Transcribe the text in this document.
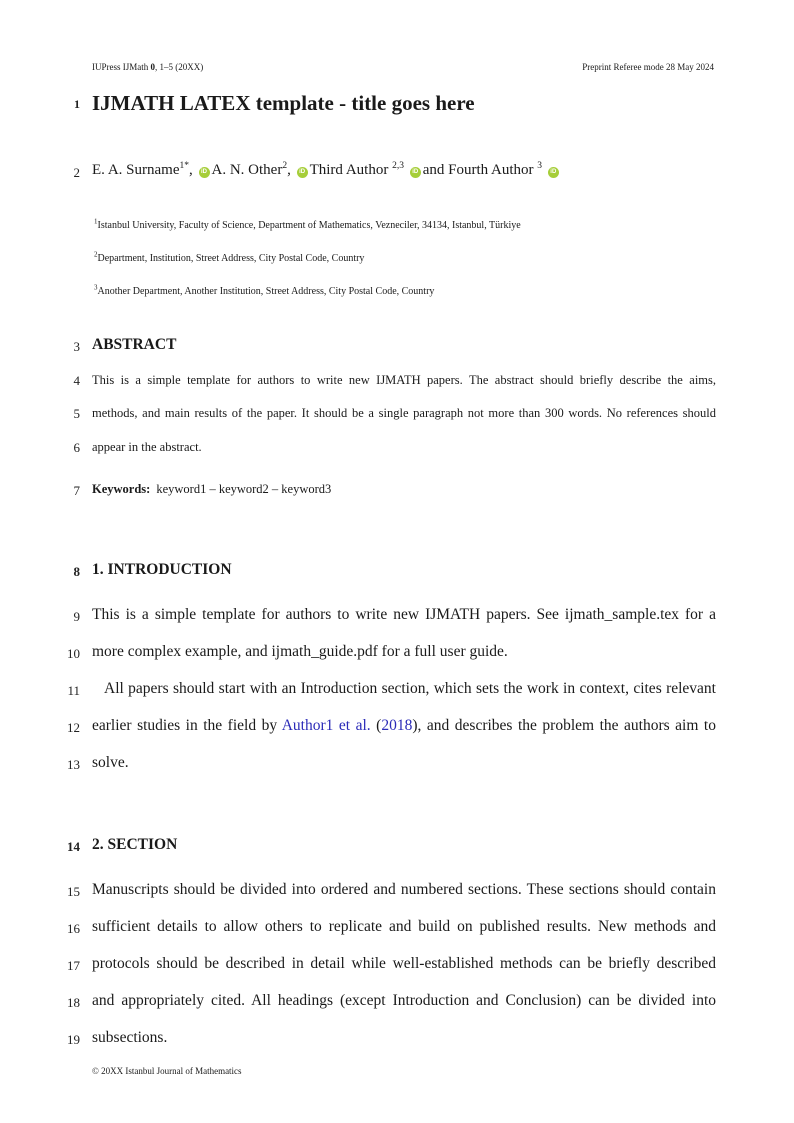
IUPress IJMath 0, 1–5 (20XX)	Preprint Referee mode 28 May 2024
1 IJMATH LATEX template - title goes here
2 E. A. Surname$^{1*}$, iD A. N. Other$^2$, iD Third Author $^{2,3}$ iD and Fourth Author $^3$ iD
$^1$Istanbul University, Faculty of Science, Department of Mathematics, Vezneciler, 34134, Istanbul, Türkiye
$^2$Department, Institution, Street Address, City Postal Code, Country
$^3$Another Department, Another Institution, Street Address, City Postal Code, Country
3 ABSTRACT
4 This is a simple template for authors to write new IJMATH papers. The abstract should briefly describe the aims,
5 methods, and main results of the paper. It should be a single paragraph not more than 300 words. No references should
6 appear in the abstract.
7 Keywords: keyword1 – keyword2 – keyword3
8 1. INTRODUCTION
9 This is a simple template for authors to write new IJMATH papers. See ijmath_sample.tex for a
10 more complex example, and ijmath_guide.pdf for a full user guide.
11 All papers should start with an Introduction section, which sets the work in context, cites relevant
12 earlier studies in the field by Author1 et al. (2018), and describes the problem the authors aim to
13 solve.
14 2. SECTION
15 Manuscripts should be divided into ordered and numbered sections. These sections should contain
16 sufficient details to allow others to replicate and build on published results. New methods and
17 protocols should be described in detail while well-established methods can be briefly described
18 and appropriately cited. All headings (except Introduction and Conclusion) can be divided into
19 subsections.
© 20XX Istanbul Journal of Mathematics
